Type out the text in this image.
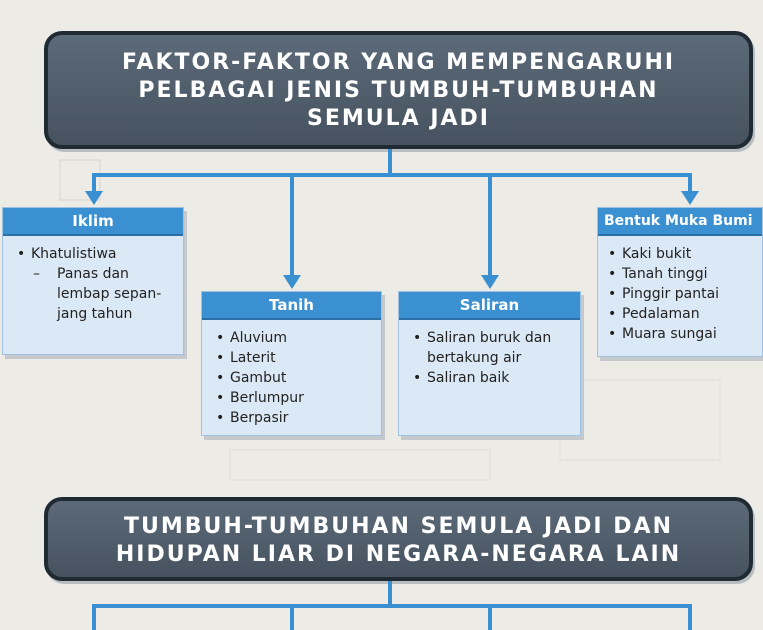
FAKTOR-FAKTOR YANG MEMPENGARUHI
PELBAGAI JENIS TUMBUH-TUMBUHAN
SEMULA JADI
Iklim
• Khatulistiwa
– Panas dan
lembap sepan-
jang tahun	Tanih
• Aluvium
• Laterit
• Gambut
• Berlumpur
• Berpasir
Saliran
• Saliran buruk dan
bertakung air
• Saliran baik
Bentuk Muka Bumi
• Kaki bukit
• Tanah tinggi
• Pinggir pantai
• Pedalaman
• Muara sungai
TUMBUH-TUMBUHAN SEMULA JADI DAN
HIDUPAN LIAR DI NEGARA-NEGARA LAIN
